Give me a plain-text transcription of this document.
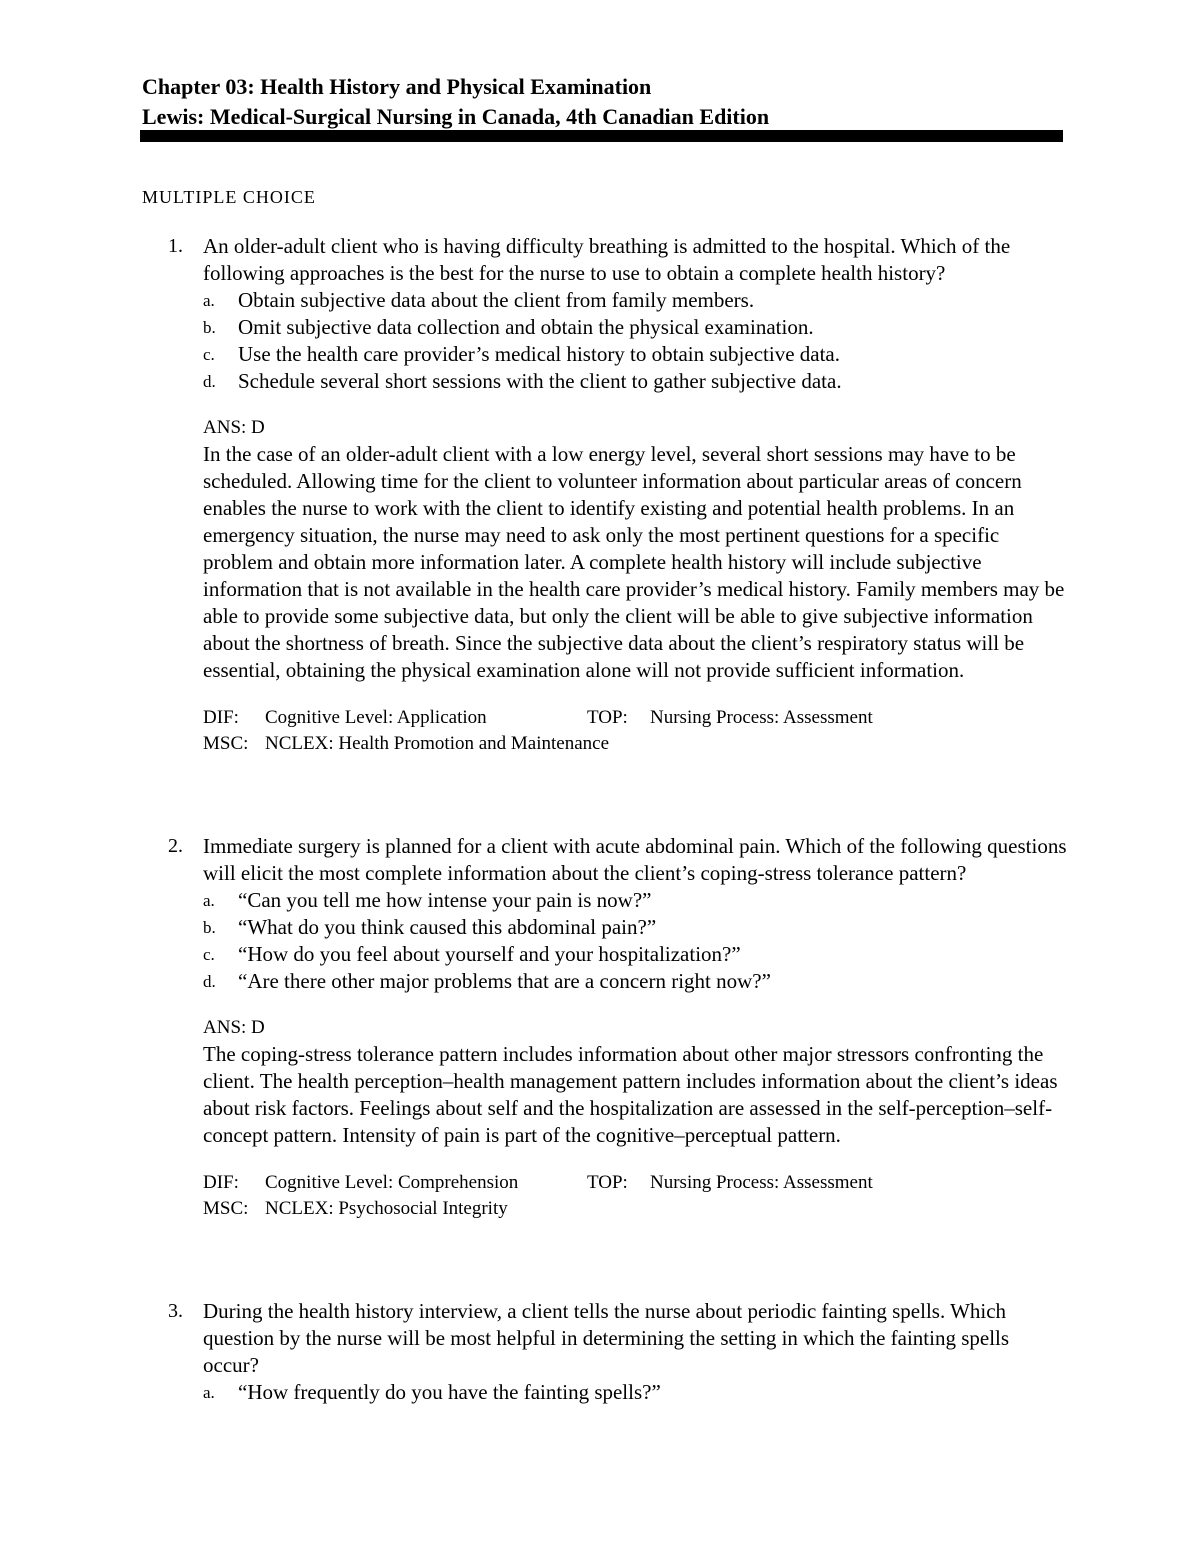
Chapter 03: Health History and Physical Examination
Lewis: Medical-Surgical Nursing in Canada, 4th Canadian Edition
MULTIPLE CHOICE
1. An older-adult client who is having difficulty breathing is admitted to the hospital. Which of the following approaches is the best for the nurse to use to obtain a complete health history?
a. Obtain subjective data about the client from family members.
b. Omit subjective data collection and obtain the physical examination.
c. Use the health care provider’s medical history to obtain subjective data.
d. Schedule several short sessions with the client to gather subjective data.
ANS: D
In the case of an older-adult client with a low energy level, several short sessions may have to be scheduled. Allowing time for the client to volunteer information about particular areas of concern enables the nurse to work with the client to identify existing and potential health problems. In an emergency situation, the nurse may need to ask only the most pertinent questions for a specific problem and obtain more information later. A complete health history will include subjective information that is not available in the health care provider’s medical history. Family members may be able to provide some subjective data, but only the client will be able to give subjective information about the shortness of breath. Since the subjective data about the client’s respiratory status will be essential, obtaining the physical examination alone will not provide sufficient information.
DIF: Cognitive Level: Application	TOP: Nursing Process: Assessment
MSC: NCLEX: Health Promotion and Maintenance
2. Immediate surgery is planned for a client with acute abdominal pain. Which of the following questions will elicit the most complete information about the client’s coping-stress tolerance pattern?
a. “Can you tell me how intense your pain is now?”
b. “What do you think caused this abdominal pain?”
c. “How do you feel about yourself and your hospitalization?”
d. “Are there other major problems that are a concern right now?”
ANS: D
The coping-stress tolerance pattern includes information about other major stressors confronting the client. The health perception–health management pattern includes information about the client’s ideas about risk factors. Feelings about self and the hospitalization are assessed in the self-perception–self-concept pattern. Intensity of pain is part of the cognitive–perceptual pattern.
DIF: Cognitive Level: Comprehension	TOP: Nursing Process: Assessment
MSC: NCLEX: Psychosocial Integrity
3. During the health history interview, a client tells the nurse about periodic fainting spells. Which question by the nurse will be most helpful in determining the setting in which the fainting spells occur?
a. “How frequently do you have the fainting spells?”
